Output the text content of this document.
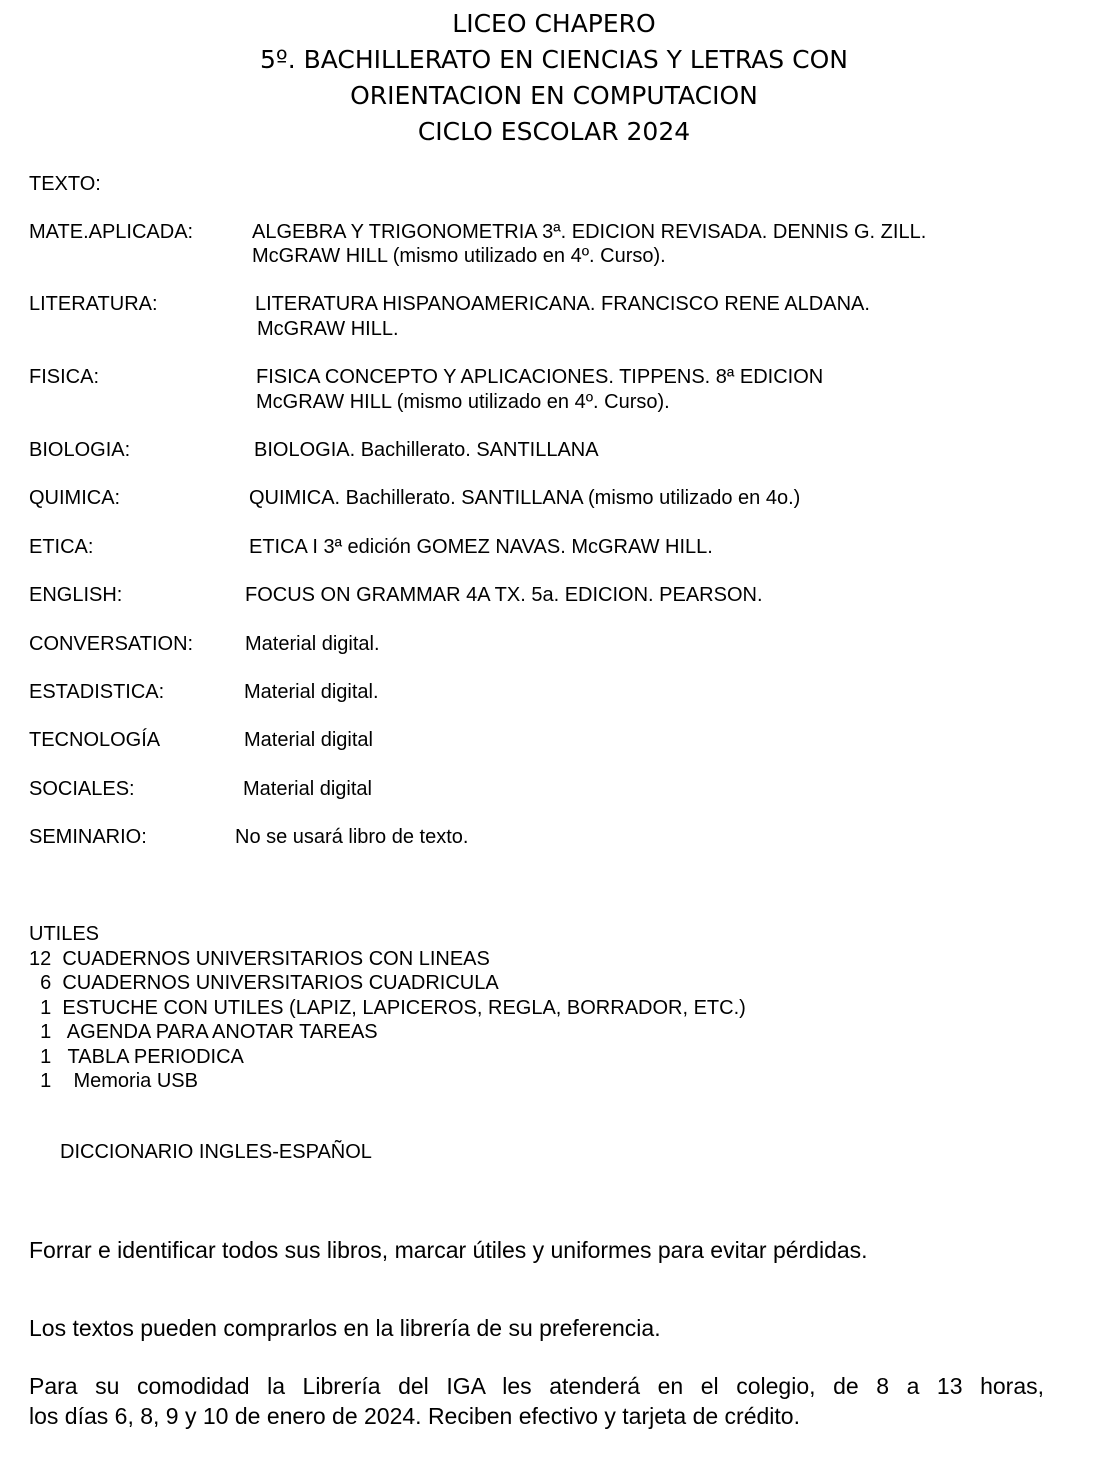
LICEO CHAPERO
5º. BACHILLERATO EN CIENCIAS Y LETRAS CON
ORIENTACION EN COMPUTACION
CICLO ESCOLAR 2024
TEXTO:
MATE.APLICADA:	ALGEBRA Y TRIGONOMETRIA 3ª. EDICION REVISADA. DENNIS G. ZILL.
McGRAW HILL (mismo utilizado en 4º. Curso).
LITERATURA:	LITERATURA HISPANOAMERICANA. FRANCISCO RENE ALDANA.
McGRAW HILL.
FISICA:	FISICA CONCEPTO Y APLICACIONES. TIPPENS. 8ª EDICION
McGRAW HILL (mismo utilizado en 4º. Curso).
BIOLOGIA:	BIOLOGIA. Bachillerato. SANTILLANA
QUIMICA:	QUIMICA. Bachillerato. SANTILLANA (mismo utilizado en 4o.)
ETICA:	ETICA I 3ª edición GOMEZ NAVAS. McGRAW HILL.
ENGLISH:	FOCUS ON GRAMMAR 4A TX. 5a. EDICION. PEARSON.
CONVERSATION:	Material digital.
ESTADISTICA:	Material digital.
TECNOLOGÍA	Material digital
SOCIALES:	Material digital
SEMINARIO:	No se usará libro de texto.
UTILES
12  CUADERNOS UNIVERSITARIOS CON LINEAS
6  CUADERNOS UNIVERSITARIOS CUADRICULA
1  ESTUCHE CON UTILES (LAPIZ, LAPICEROS, REGLA, BORRADOR, ETC.)
1   AGENDA PARA ANOTAR TAREAS
1   TABLA PERIODICA
1    Memoria USB
DICCIONARIO INGLES-ESPAÑOL
Forrar e identificar todos sus libros, marcar útiles y uniformes para evitar pérdidas.
Los textos pueden comprarlos en la librería de su preferencia.
Para su comodidad la Librería del IGA les atenderá en el colegio, de 8 a 13 horas,
los días 6, 8, 9 y 10 de enero de 2024. Reciben efectivo y tarjeta de crédito.
